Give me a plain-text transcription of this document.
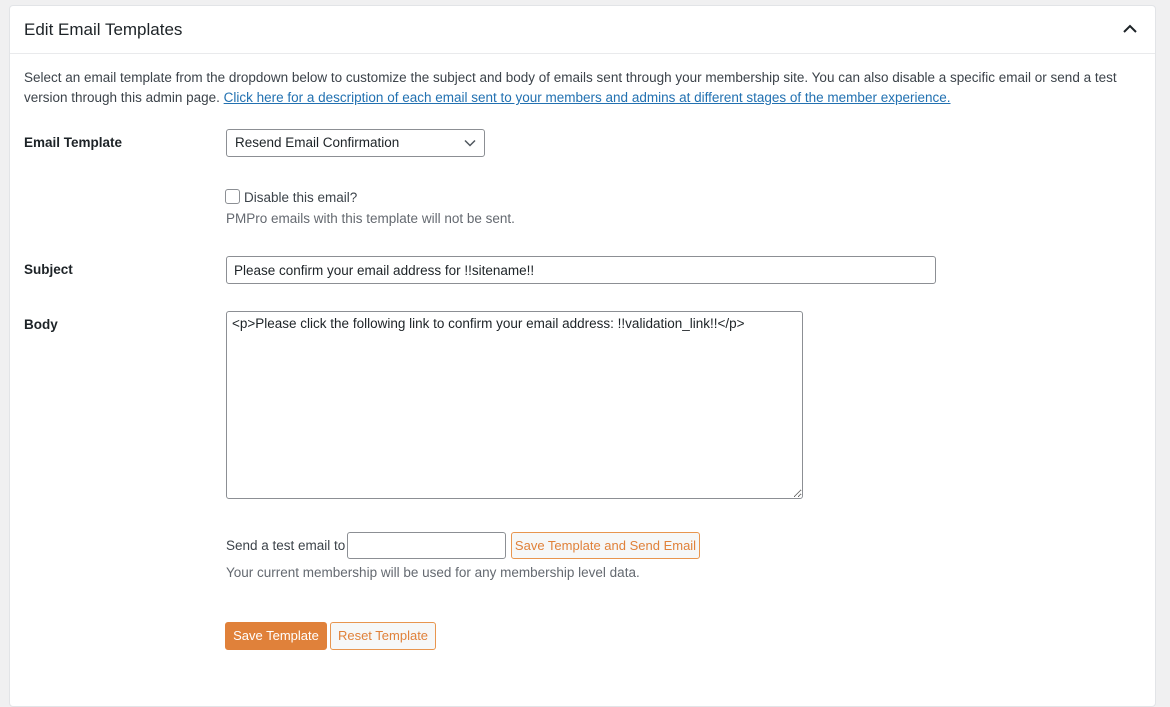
Edit Email Templates
Select an email template from the dropdown below to customize the subject and body of emails sent through your membership site. You can also disable a specific email or send a test version through this admin page. Click here for a description of each email sent to your members and admins at different stages of the member experience.
Email Template	Resend Email Confirmation
Disable this email?
PMPro emails with this template will not be sent.
Subject
Please confirm your email address for !!sitename!!
Body
<p>Please click the following link to confirm your email address: !!validation_link!!</p>
Send a test email to	Save Template and Send Email
Your current membership will be used for any membership level data.
Save Template	Reset Template
